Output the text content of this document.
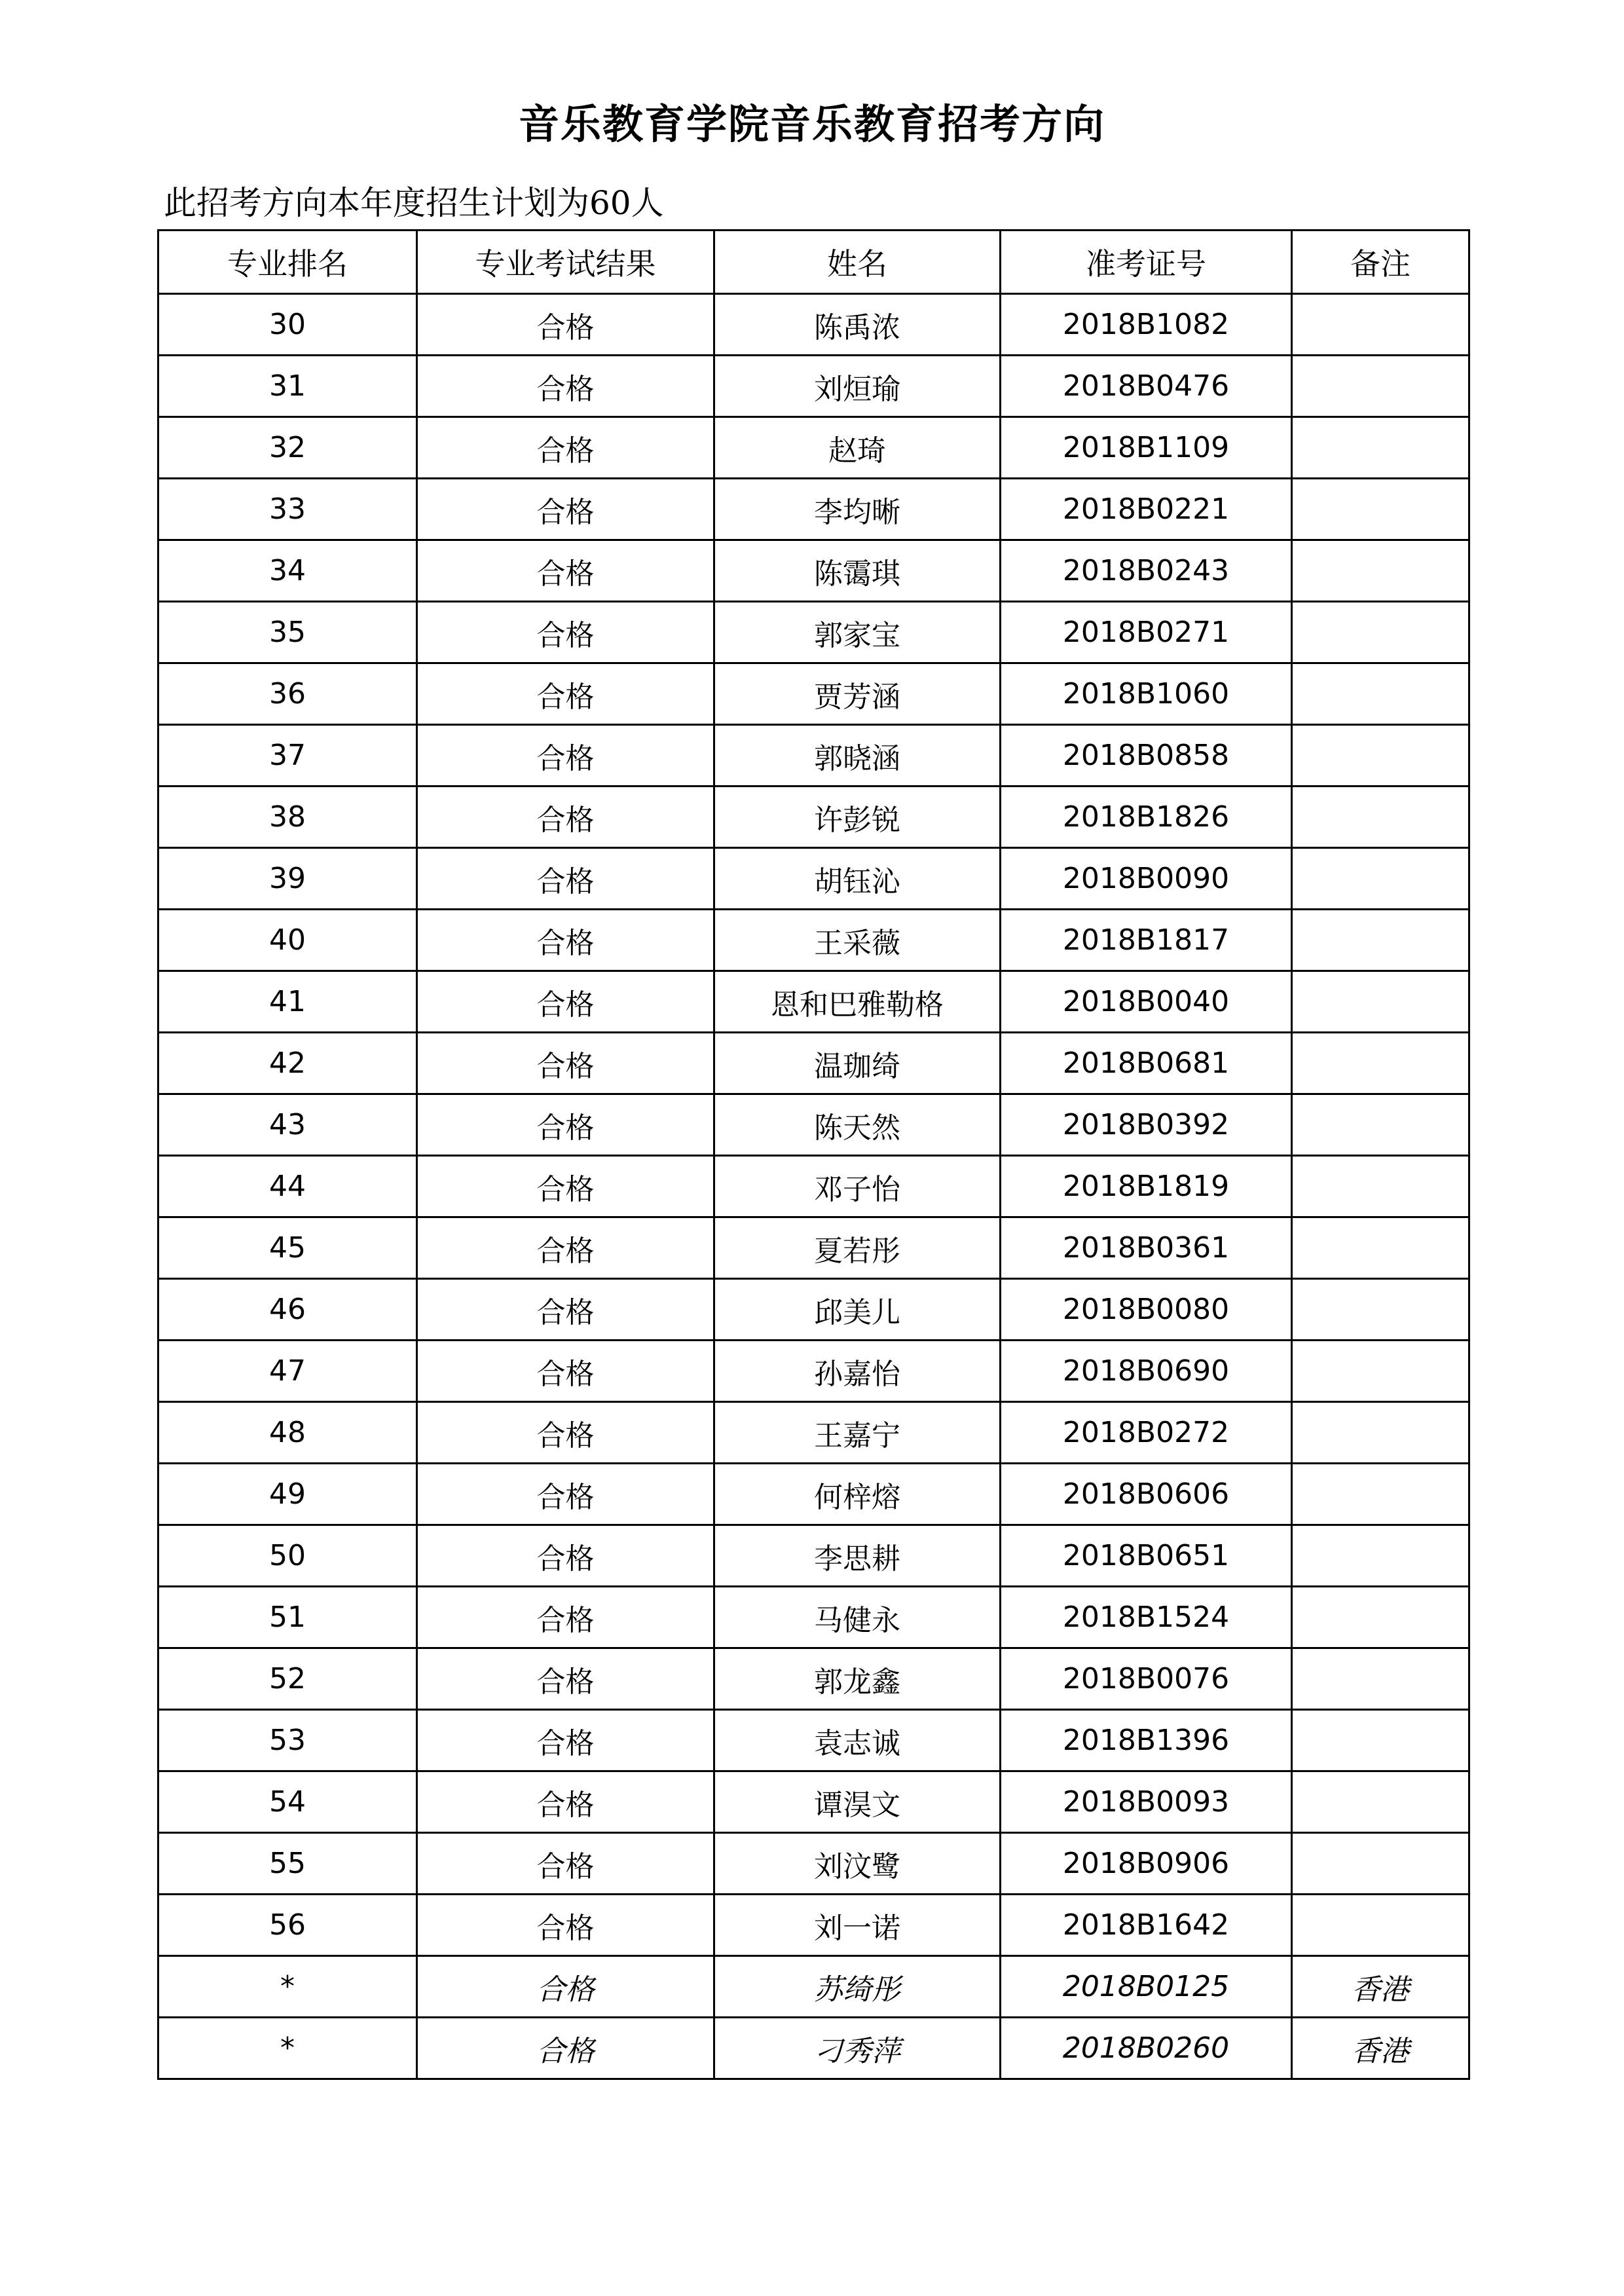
音乐教育学院音乐教育招考方向
此招考方向本年度招生计划为60人
专业排名	专业考试结果	姓名	准考证号	备注
30	合格	陈禹浓	2018B1082	
31	合格	刘烜瑜	2018B0476	
32	合格	赵琦	2018B1109	
33	合格	李均晰	2018B0221	
34	合格	陈霭琪	2018B0243	
35	合格	郭家宝	2018B0271	
36	合格	贾芳涵	2018B1060	
37	合格	郭晓涵	2018B0858	
38	合格	许彭锐	2018B1826	
39	合格	胡钰沁	2018B0090	
40	合格	王采薇	2018B1817	
41	合格	恩和巴雅勒格	2018B0040	
42	合格	温珈绮	2018B0681	
43	合格	陈天然	2018B0392	
44	合格	邓子怡	2018B1819	
45	合格	夏若彤	2018B0361	
46	合格	邱美儿	2018B0080	
47	合格	孙嘉怡	2018B0690	
48	合格	王嘉宁	2018B0272	
49	合格	何梓熔	2018B0606	
50	合格	李思耕	2018B0651	
51	合格	马健永	2018B1524	
52	合格	郭龙鑫	2018B0076	
53	合格	袁志诚	2018B1396	
54	合格	谭淏文	2018B0093	
55	合格	刘汶鹭	2018B0906	
56	合格	刘一诺	2018B1642	
*	合格	苏绮彤	2018B0125	香港
*	合格	刁秀萍	2018B0260	香港
